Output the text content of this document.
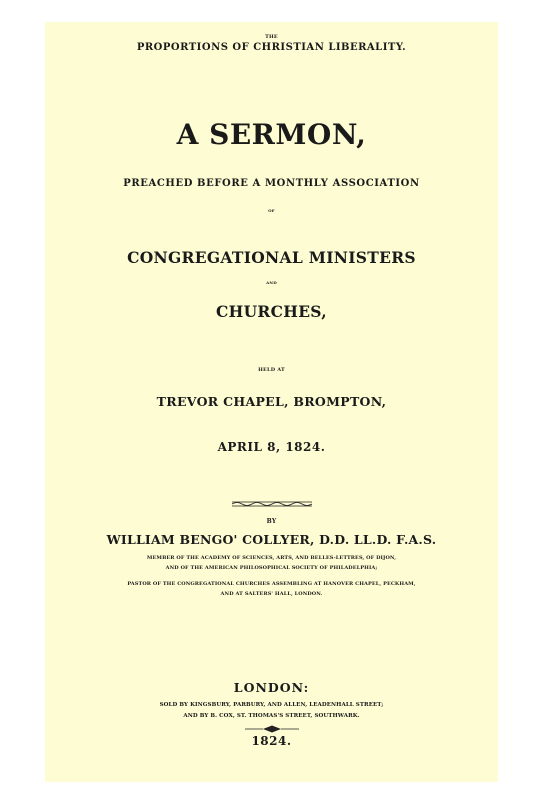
THE
PROPORTIONS OF CHRISTIAN LIBERALITY.
A SERMON,
PREACHED BEFORE A MONTHLY ASSOCIATION
OF
CONGREGATIONAL MINISTERS
AND
CHURCHES,
HELD AT
TREVOR CHAPEL, BROMPTON,
APRIL 8, 1824.
BY
WILLIAM BENGO' COLLYER, D.D. LL.D. F.A.S.
MEMBER OF THE ACADEMY OF SCIENCES, ARTS, AND BELLES-LETTRES, OF DIJON,
AND OF THE AMERICAN PHILOSOPHICAL SOCIETY OF PHILADELPHIA;
PASTOR OF THE CONGREGATIONAL CHURCHES ASSEMBLING AT HANOVER CHAPEL, PECKHAM,
AND AT SALTERS' HALL, LONDON.
LONDON:
SOLD BY KINGSBURY, PARBURY, AND ALLEN, LEADENHALL STREET;
AND BY B. COX, ST. THOMAS'S STREET, SOUTHWARK.
1824.
